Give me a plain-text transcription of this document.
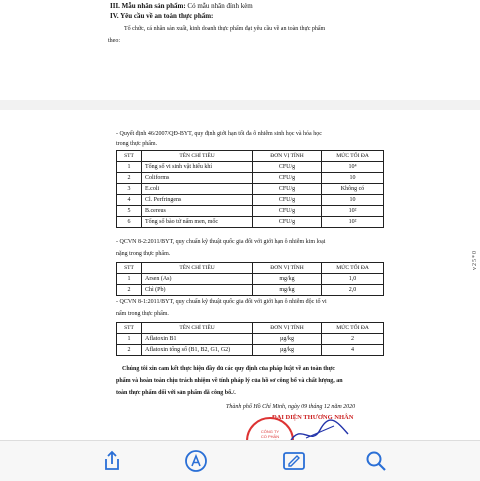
III. Mẫu nhãn sản phẩm: Có mẫu nhãn đính kèm
IV. Yêu cầu về an toàn thực phẩm:
Tổ chức, cá nhân sản xuất, kinh doanh thực phẩm đạt yêu cầu về an toàn thực phẩm
theo:
- Quyết định 46/2007/QĐ-BYT, quy định giới hạn tối đa ô nhiễm sinh học và hóa học
trong thực phẩm.
STT	TÊN CHỈ TIÊU	ĐƠN VỊ TÍNH	MỨC TỐI ĐA
1	Tổng số vi sinh vật hiếu khí	CFU/g	10⁴
2	Coliforms	CFU/g	10
3	E.coli	CFU/g	Không có
4	Cl. Perfringens	CFU/g	10
5	B.cereus	CFU/g	10²
6	Tổng số bào tử nấm men, mốc	CFU/g	10²
- QCVN 8-2:2011/BYT, quy chuẩn kỹ thuật quốc gia đối với giới hạn ô nhiễm kim loại
nặng trong thực phẩm.
STT	TÊN CHỈ TIÊU	ĐƠN VỊ TÍNH	MỨC TỐI ĐA
1	Arsen (As)	mg/kg	1,0
2	Chì (Pb)	mg/kg	2,0
- QCVN 8-1:2011/BYT, quy chuẩn kỹ thuật quốc gia đối với giới hạn ô nhiễm độc tố vi
nấm trong thực phẩm.
STT	TÊN CHỈ TIÊU	ĐƠN VỊ TÍNH	MỨC TỐI ĐA
1	Aflatoxin B1	µg/kg	2
2	Aflatoxin tổng số (B1, B2, G1, G2)	µg/kg	4
Chúng tôi xin cam kết thực hiện đầy đủ các quy định của pháp luật về an toàn thực
phẩm và hoàn toàn chịu trách nhiệm về tính pháp lý của hồ sơ công bố và chất lượng, an
toàn thực phẩm đối với sản phẩm đã công bố./.
Thành phố Hồ Chí Minh, ngày 09 tháng 12 năm 2020
ĐẠI DIỆN THƯƠNG NHÂN
v25*0
CÔNG TY
CỔ PHẦN
